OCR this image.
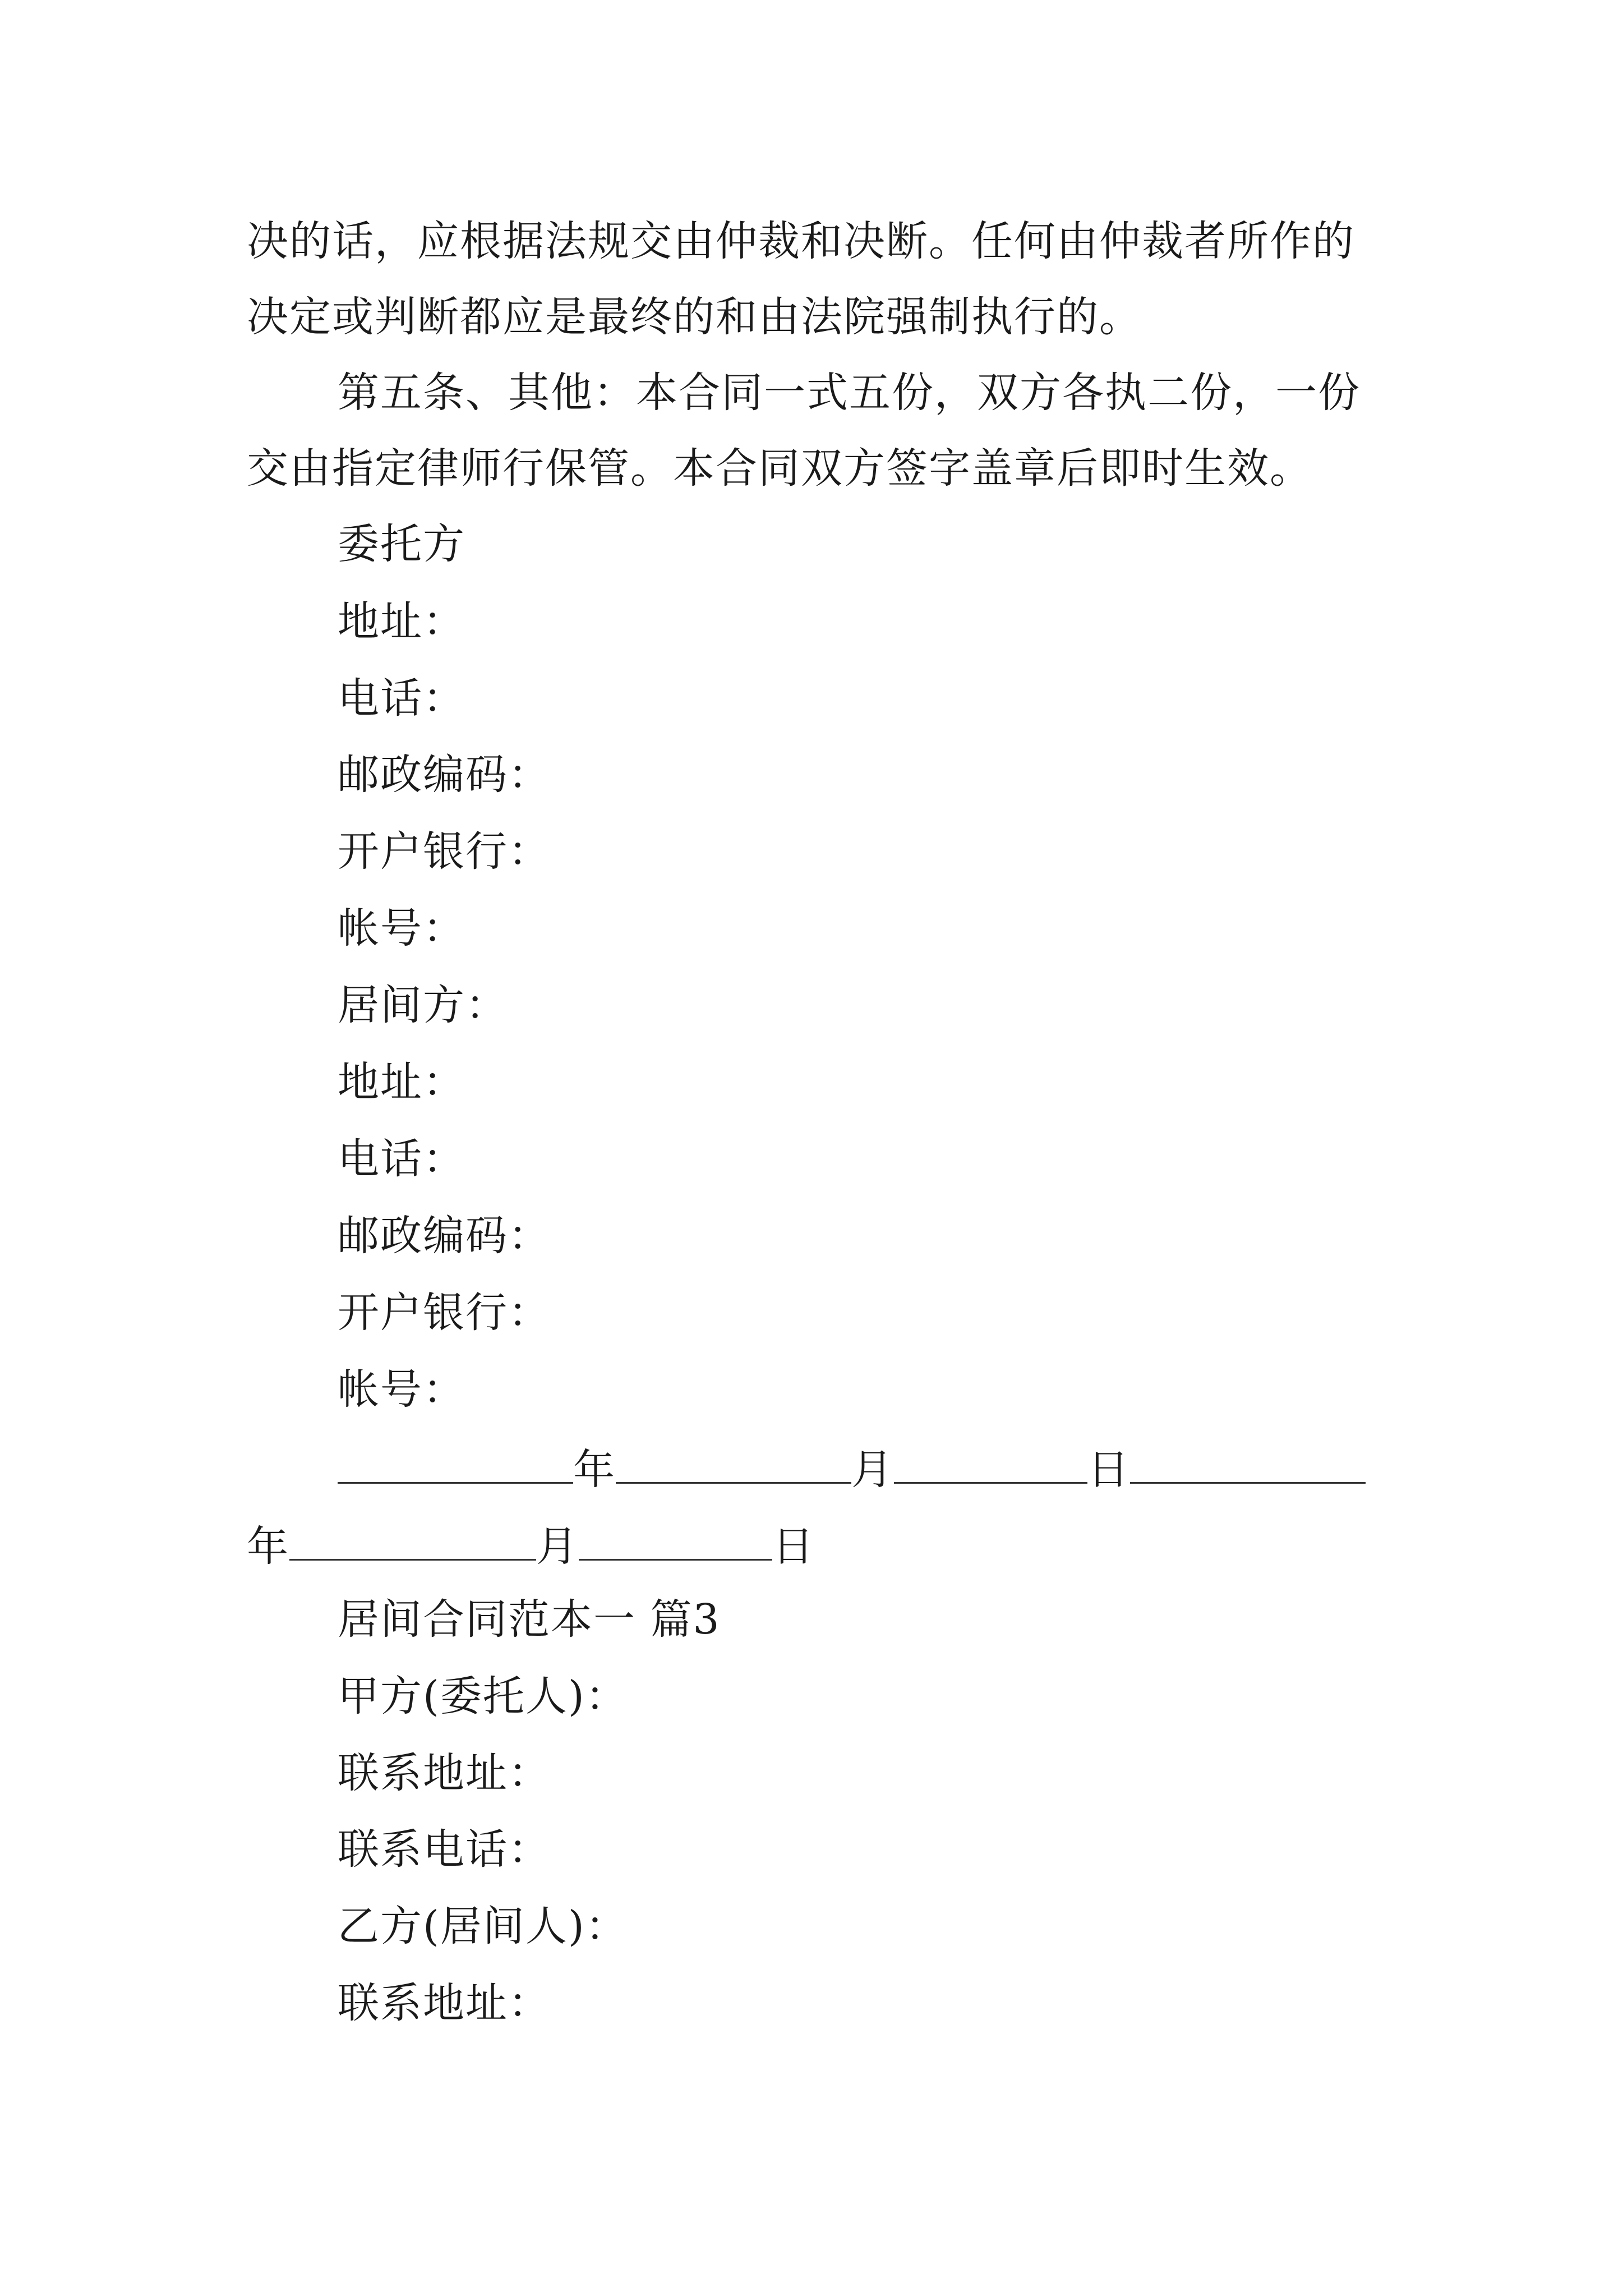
决的话，应根据法规交由仲裁和决断。任何由仲裁者所作的
决定或判断都应是最终的和由法院强制执行的。
第五条、其他：本合同一式五份，双方各执二份，一份
交由指定律师行保管。本合同双方签字盖章后即时生效。
委托方
地址：
电话：
邮政编码：
开户银行：
帐号：
居间方：
地址：
电话：
邮政编码：
开户银行：
帐号：
年	月	日
年	月	日
居间合同范本一 篇3
甲方(委托人)：
联系地址：
联系电话：
乙方(居间人)：
联系地址：
